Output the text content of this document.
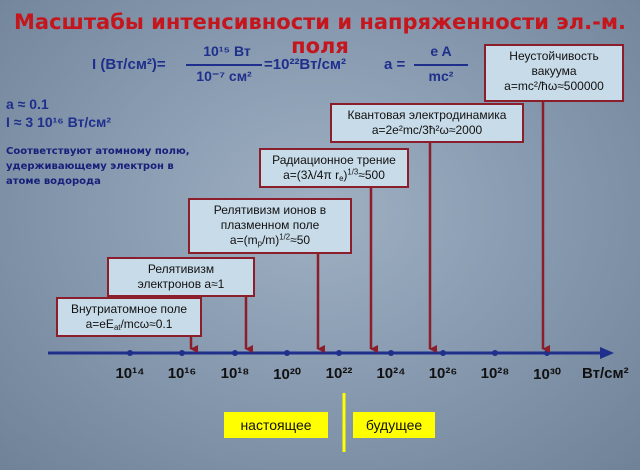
Масштабы интенсивности и напряженности эл.-м. поля
I (Вт/см²)=
10¹⁵ Вт
10⁻⁷ см²
=10²²Вт/см²	a =
e A
mc²
a ≈ 0.1
I ≈ 3 10¹⁶ Вт/см²
Соответствуют атомному полю,
удерживающему электрон в
атоме водорода
Внутриатомное поле
$a=eE_{at}/mc\omega\approx 0.1$
Релятивизм
электронов a≈1
Релятивизм ионов в
плазменном поле
$a=(m_p/m)^{1/2}\approx 50$
Радиационное трение
a=(3λ/4π $r_e)^{1/3}\approx 500$
Квантовая электродинамика
a=2e²mc/3ħ²ω≈2000
Неустойчивость
вакуума
a=mc²/ħω≈500000
10¹⁴	10¹⁶	10¹⁸	10²⁰	10²²	10²⁴	10²⁶	10²⁸	10³⁰	Вт/см²
настоящее	будущее
